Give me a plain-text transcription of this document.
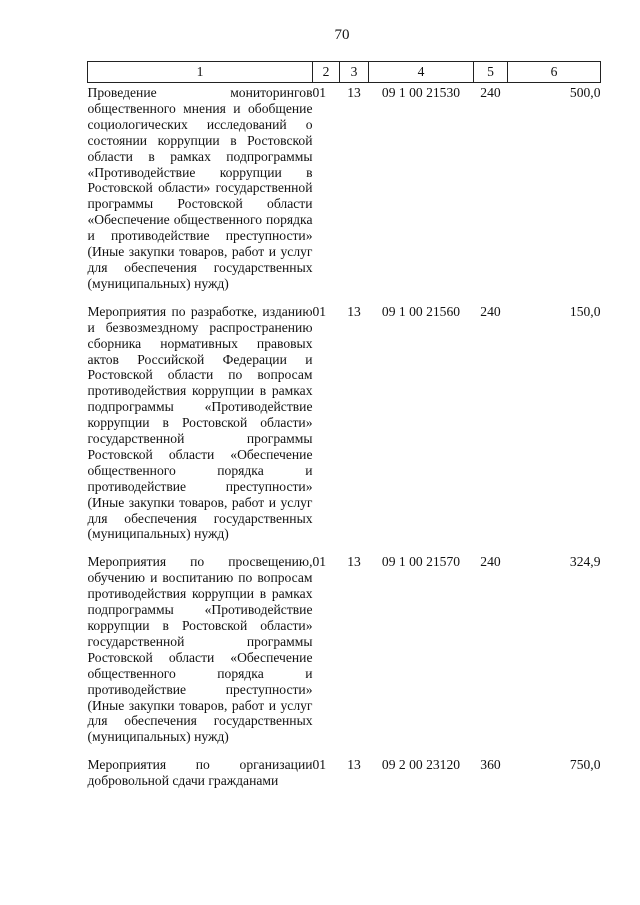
70
1	2	3	4	5	6
Проведение мониторингов общественного мнения и обобщение социологических исследований о состоянии коррупции в Ростовской области в рамках подпрограммы «Противодействие коррупции в Ростовской области» государственной программы Ростовской области «Обеспечение общественного порядка и противодействие преступности» (Иные закупки товаров, работ и услуг для обеспечения государственных (муниципальных) нужд)	01	13	09 1 00 21530	240	500,0
Мероприятия по разработке, изданию и безвозмездному распространению сборника нормативных правовых актов Российской Федерации и Ростовской области по вопросам противодействия коррупции в рамках подпрограммы «Противодействие коррупции в Ростовской области» государственной программы Ростовской области «Обеспечение общественного порядка и противодействие преступности» (Иные закупки товаров, работ и услуг для обеспечения государственных (муниципальных) нужд)	01	13	09 1 00 21560	240	150,0
Мероприятия по просвещению, обучению и воспитанию по вопросам противодействия коррупции в рамках подпрограммы «Противодействие коррупции в Ростовской области» государственной программы Ростовской области «Обеспечение общественного порядка и противодействие преступности» (Иные закупки товаров, работ и услуг для обеспечения государственных (муниципальных) нужд)	01	13	09 1 00 21570	240	324,9
Мероприятия по организации добровольной сдачи гражданами	01	13	09 2 00 23120	360	750,0
